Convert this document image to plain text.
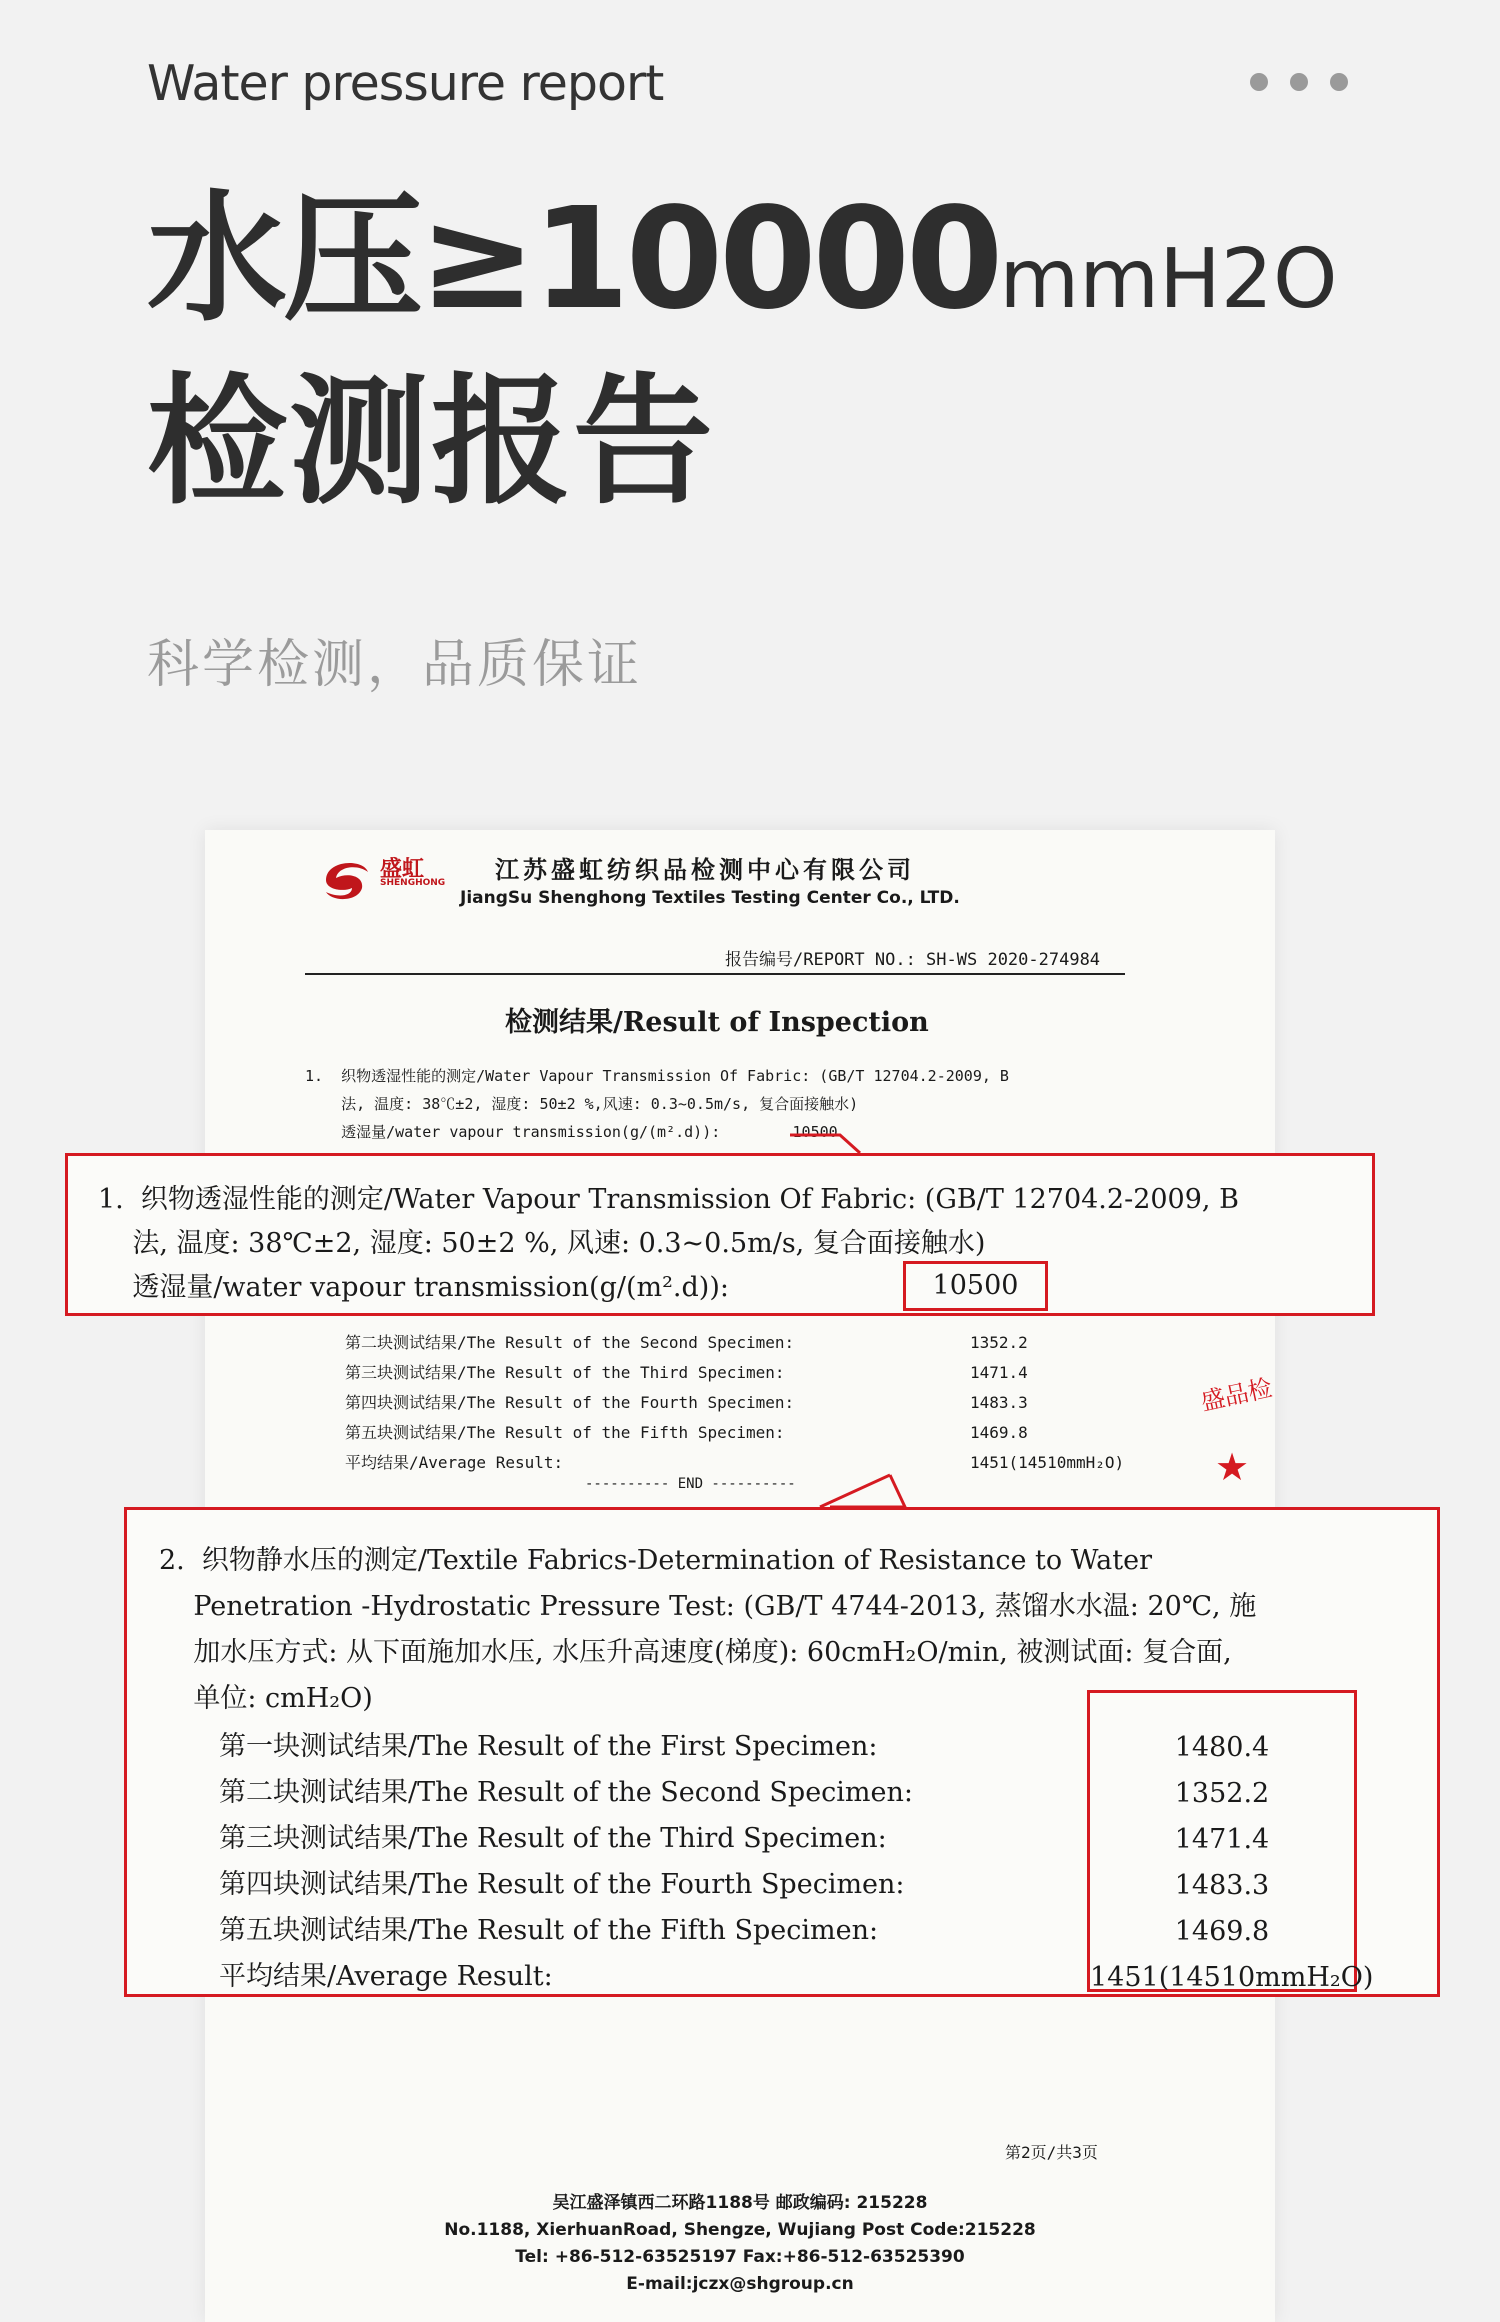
Water pressure report
水压≥10000mmH2O
检测报告
科学检测，品质保证
盛虹
SHENGHONG 江苏盛虹纺织品检测中心有限公司
JiangSu Shenghong Textiles Testing Center Co., LTD.
报告编号/REPORT NO.: SH-WS 2020-274984
检测结果/Result of Inspection
1.  织物透湿性能的测定/Water Vapour Transmission Of Fabric: (GB/T 12704.2-2009, B
法, 温度: 38℃±2, 湿度: 50±2 %,风速: 0.3~0.5m/s, 复合面接触水)
透湿量/water vapour transmission(g/(m².d)):        10500
第二块测试结果/The Result of the Second Specimen:
第三块测试结果/The Result of the Third Specimen:
第四块测试结果/The Result of the Fourth Specimen:
第五块测试结果/The Result of the Fifth Specimen:
平均结果/Average Result:
1352.2
1471.4
1483.3
1469.8
1451(14510mmH₂O)
---------- END ----------
盛品检
★
第2页/共3页
吴江盛泽镇西二环路1188号 邮政编码: 215228
No.1188, XierhuanRoad, Shengze, Wujiang Post Code:215228
Tel: +86-512-63525197 Fax:+86-512-63525390
E-mail:jczx@shgroup.cn
1.  织物透湿性能的测定/Water Vapour Transmission Of Fabric: (GB/T 12704.2-2009, B
法, 温度: 38℃±2, 湿度: 50±2 %, 风速: 0.3~0.5m/s, 复合面接触水)
透湿量/water vapour transmission(g/(m².d)):	10500
2.  织物静水压的测定/Textile Fabrics-Determination of Resistance to Water
Penetration -Hydrostatic Pressure Test: (GB/T 4744-2013, 蒸馏水水温: 20℃, 施
加水压方式: 从下面施加水压, 水压升高速度(梯度): 60cmH₂O/min, 被测试面: 复合面,
单位: cmH₂O)
第一块测试结果/The Result of the First Specimen:
第二块测试结果/The Result of the Second Specimen:
第三块测试结果/The Result of the Third Specimen:
第四块测试结果/The Result of the Fourth Specimen:
第五块测试结果/The Result of the Fifth Specimen:
平均结果/Average Result:
1480.4
1352.2
1471.4
1483.3
1469.8
1451(14510mmH₂O)
